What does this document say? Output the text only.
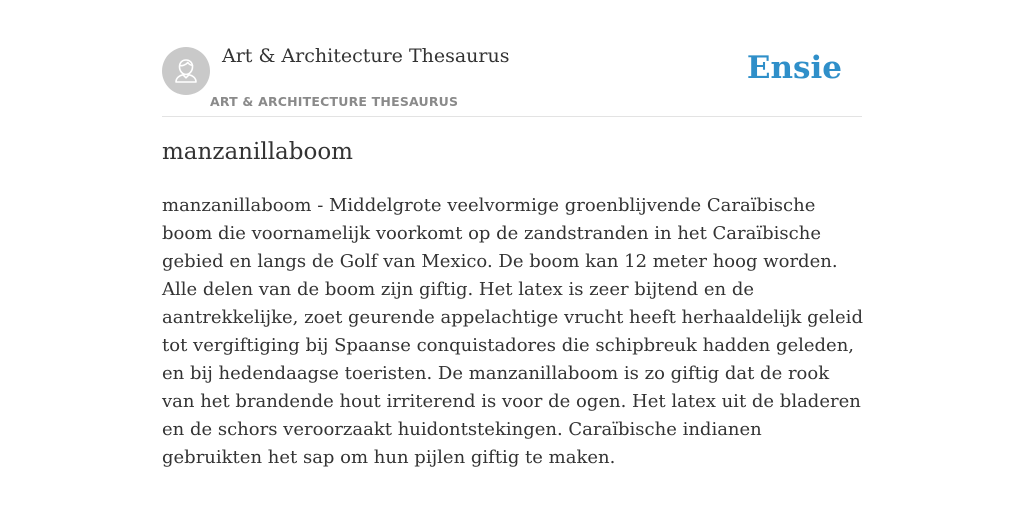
Art & Architecture Thesaurus
ART & ARCHITECTURE THESAURUS
Ensie
manzanillaboom

manzanillaboom - Middelgrote veelvormige groenblijvende Caraïbische boom die voornamelijk voorkomt op de zandstranden in het Caraïbische gebied en langs de Golf van Mexico. De boom kan 12 meter hoog worden. Alle delen van de boom zijn giftig. Het latex is zeer bijtend en de aantrekkelijke, zoet geurende appelachtige vrucht heeft herhaaldelijk geleid tot vergiftiging bij Spaanse conquistadores die schipbreuk hadden geleden, en bij hedendaagse toeristen. De manzanillaboom is zo giftig dat de rook van het brandende hout irriterend is voor de ogen. Het latex uit de bladeren en de schors veroorzaakt huidontstekingen. Caraïbische indianen gebruikten het sap om hun pijlen giftig te maken.
